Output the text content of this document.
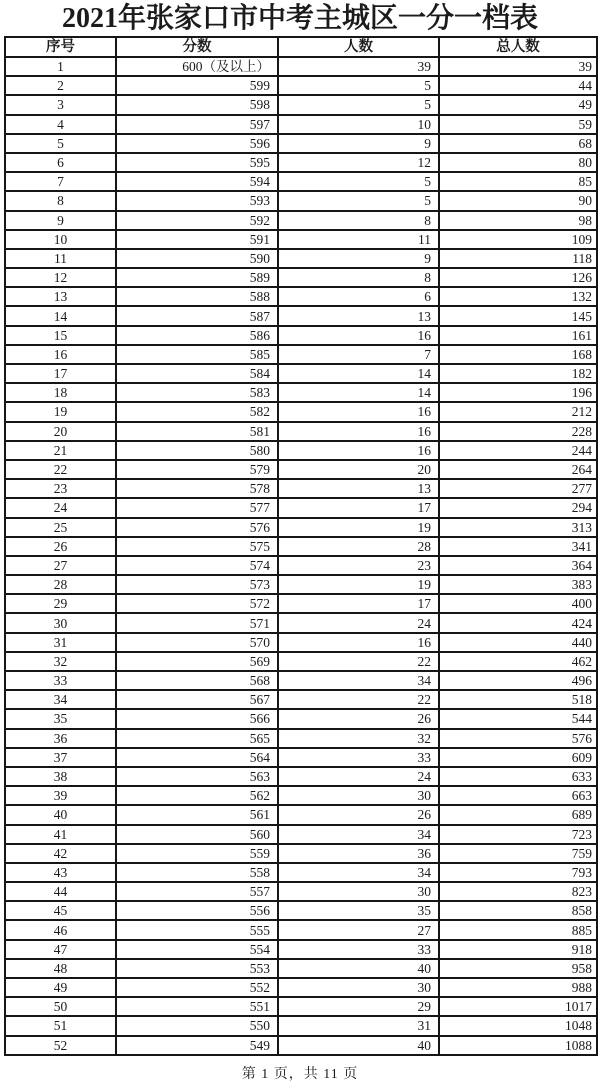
2021年张家口市中考主城区一分一档表
序号	分数	人数	总人数
1	600（及以上）	39	39
2	599	5	44
3	598	5	49
4	597	10	59
5	596	9	68
6	595	12	80
7	594	5	85
8	593	5	90
9	592	8	98
10	591	11	109
11	590	9	118
12	589	8	126
13	588	6	132
14	587	13	145
15	586	16	161
16	585	7	168
17	584	14	182
18	583	14	196
19	582	16	212
20	581	16	228
21	580	16	244
22	579	20	264
23	578	13	277
24	577	17	294
25	576	19	313
26	575	28	341
27	574	23	364
28	573	19	383
29	572	17	400
30	571	24	424
31	570	16	440
32	569	22	462
33	568	34	496
34	567	22	518
35	566	26	544
36	565	32	576
37	564	33	609
38	563	24	633
39	562	30	663
40	561	26	689
41	560	34	723
42	559	36	759
43	558	34	793
44	557	30	823
45	556	35	858
46	555	27	885
47	554	33	918
48	553	40	958
49	552	30	988
50	551	29	1017
51	550	31	1048
52	549	40	1088
第 1 页，共 11 页
